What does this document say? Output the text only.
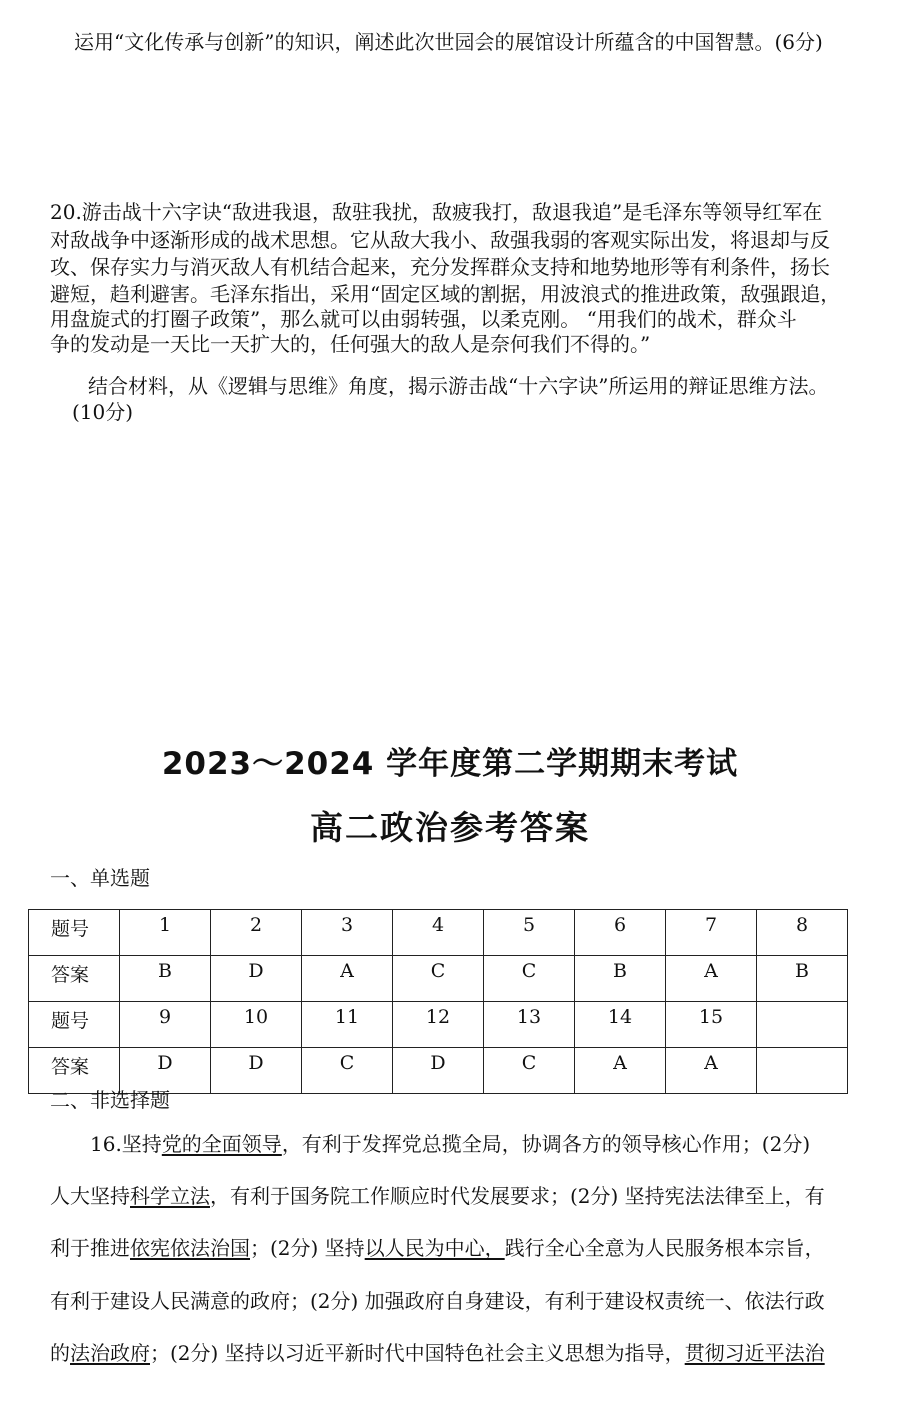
运用“文化传承与创新”的知识，阐述此次世园会的展馆设计所蕴含的中国智慧。(6分)
20.游击战十六字诀“敌进我退，敌驻我扰，敌疲我打，敌退我追”是毛泽东等领导红军在
对敌战争中逐渐形成的战术思想。它从敌大我小、敌强我弱的客观实际出发，将退却与反
攻、保存实力与消灭敌人有机结合起来，充分发挥群众支持和地势地形等有利条件，扬长
避短，趋利避害。毛泽东指出，采用“固定区域的割据，用波浪式的推进政策，敌强跟追，
用盘旋式的打圈子政策”，那么就可以由弱转强，以柔克刚。 “用我们的战术，群众斗
争的发动是一天比一天扩大的，任何强大的敌人是奈何我们不得的。”
结合材料，从《逻辑与思维》角度，揭示游击战“十六字诀”所运用的辩证思维方法。
(10分)
2023～2024 学年度第二学期期末考试
高二政治参考答案
一、单选题
题号	1	2	3	4	5	6	7	8
答案	B	D	A	C	C	B	A	B
题号	9	10	11	12	13	14	15	
答案	D	D	C	D	C	A	A	
二、非选择题
16.坚持党的全面领导，有利于发挥党总揽全局，协调各方的领导核心作用；(2分)
人大坚持科学立法，有利于国务院工作顺应时代发展要求；(2分) 坚持宪法法律至上，有
利于推进依宪依法治国；(2分) 坚持以人民为中心，践行全心全意为人民服务根本宗旨，
有利于建设人民满意的政府；(2分) 加强政府自身建设，有利于建设权责统一、依法行政
的法治政府；(2分) 坚持以习近平新时代中国特色社会主义思想为指导，贯彻习近平法治
